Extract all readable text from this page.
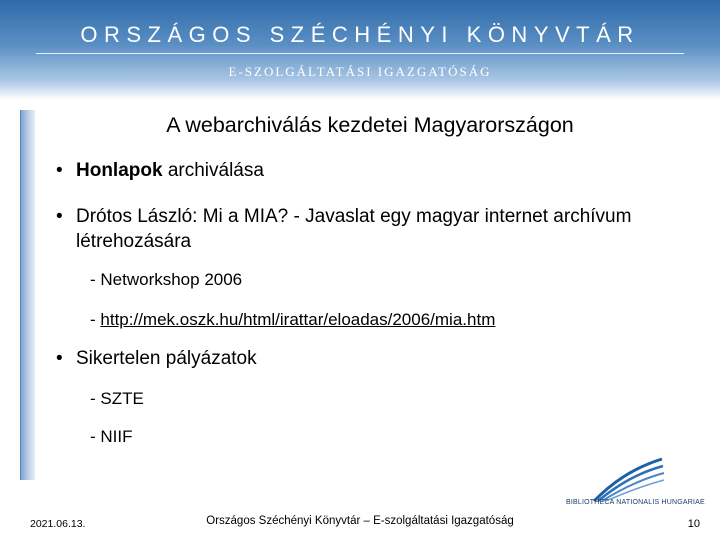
ORSZÁGOS SZÉCHÉNYI KÖNYVTÁR
E-SZOLGÁLTATÁSI IGAZGATÓSÁG
A webarchiválás kezdetei Magyarországon
• Honlapok archiválása
• Drótos László: Mi a MIA? - Javaslat egy magyar internet archívum létrehozására
- Networkshop 2006
- http://mek.oszk.hu/html/irattar/eloadas/2006/mia.htm
• Sikertelen pályázatok
- SZTE
- NIIF
BIBLIOTHECA NATIONALIS HUNGARIAE
2021.06.13.	Országos Széchényi Könyvtár – E-szolgáltatási Igazgatóság	10
